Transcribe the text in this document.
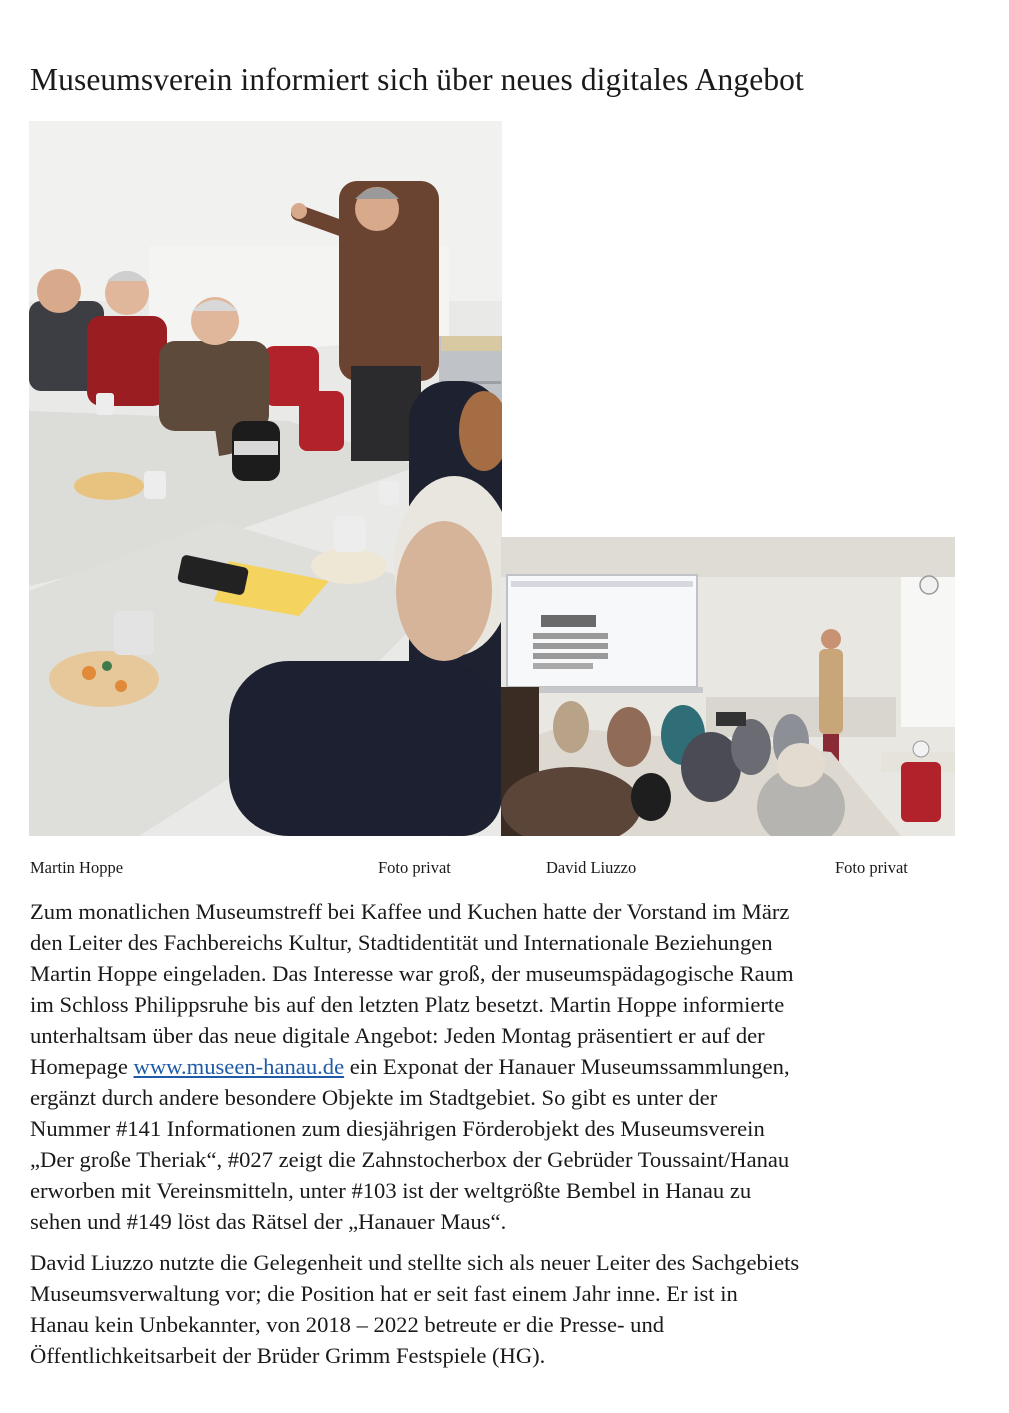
Museumsverein informiert sich über neues digitales Angebot
Martin Hoppe	Foto privat	David Liuzzo	Foto privat

Zum monatlichen Museumstreff bei Kaffee und Kuchen hatte der Vorstand im März
den Leiter des Fachbereichs Kultur, Stadtidentität und Internationale Beziehungen
Martin Hoppe eingeladen. Das Interesse war groß, der museumspädagogische Raum
im Schloss Philippsruhe bis auf den letzten Platz besetzt. Martin Hoppe informierte
unterhaltsam über das neue digitale Angebot: Jeden Montag präsentiert er auf der
Homepage www.museen-hanau.de ein Exponat der Hanauer Museumssammlungen,
ergänzt durch andere besondere Objekte im Stadtgebiet. So gibt es unter der
Nummer #141 Informationen zum diesjährigen Förderobjekt des Museumsverein
„Der große Theriak“, #027 zeigt die Zahnstocherbox der Gebrüder Toussaint/Hanau
erworben mit Vereinsmitteln, unter #103 ist der weltgrößte Bembel in Hanau zu
sehen und #149 löst das Rätsel der „Hanauer Maus“.

David Liuzzo nutzte die Gelegenheit und stellte sich als neuer Leiter des Sachgebiets
Museumsverwaltung vor; die Position hat er seit fast einem Jahr inne. Er ist in
Hanau kein Unbekannter, von 2018 – 2022 betreute er die Presse- und
Öffentlichkeitsarbeit der Brüder Grimm Festspiele (HG).
